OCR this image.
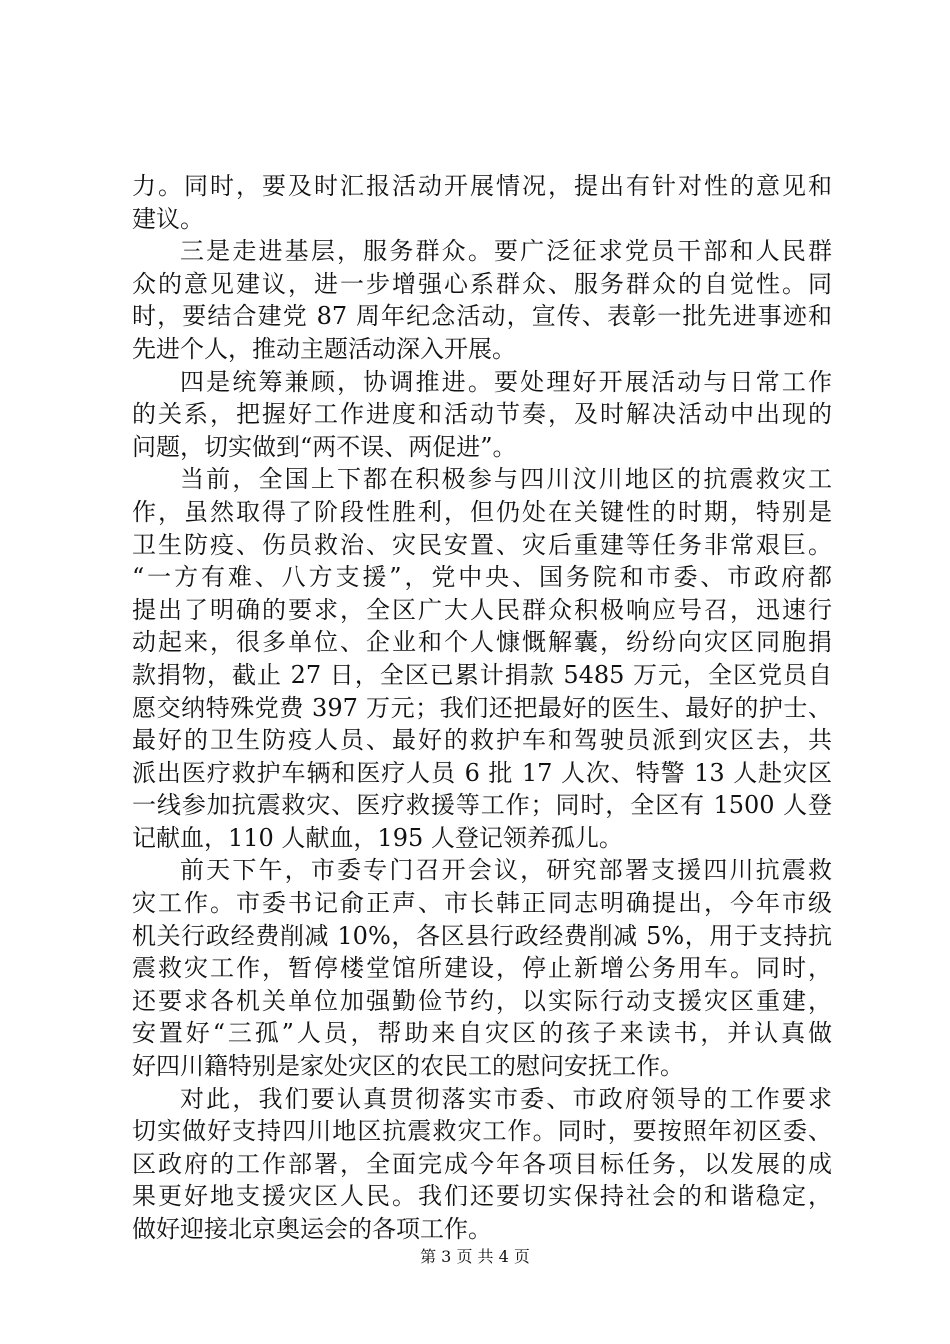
力。同时，要及时汇报活动开展情况，提出有针对性的意见和
建议。
三是走进基层，服务群众。要广泛征求党员干部和人民群
众的意见建议，进一步增强心系群众、服务群众的自觉性。同
时，要结合建党 87 周年纪念活动，宣传、表彰一批先进事迹和
先进个人，推动主题活动深入开展。
四是统筹兼顾，协调推进。要处理好开展活动与日常工作
的关系，把握好工作进度和活动节奏，及时解决活动中出现的
问题，切实做到“两不误、两促进”。
当前，全国上下都在积极参与四川汶川地区的抗震救灾工
作，虽然取得了阶段性胜利，但仍处在关键性的时期，特别是
卫生防疫、伤员救治、灾民安置、灾后重建等任务非常艰巨。
“一方有难、八方支援”，党中央、国务院和市委、市政府都
提出了明确的要求，全区广大人民群众积极响应号召，迅速行
动起来，很多单位、企业和个人慷慨解囊，纷纷向灾区同胞捐
款捐物，截止 27 日，全区已累计捐款 5485 万元，全区党员自
愿交纳特殊党费 397 万元；我们还把最好的医生、最好的护士、
最好的卫生防疫人员、最好的救护车和驾驶员派到灾区去，共
派出医疗救护车辆和医疗人员 6 批 17 人次、特警 13 人赴灾区
一线参加抗震救灾、医疗救援等工作；同时，全区有 1500 人登
记献血，110 人献血，195 人登记领养孤儿。
前天下午，市委专门召开会议，研究部署支援四川抗震救
灾工作。市委书记俞正声、市长韩正同志明确提出，今年市级
机关行政经费削减 10%，各区县行政经费削减 5%，用于支持抗
震救灾工作，暂停楼堂馆所建设，停止新增公务用车。同时，
还要求各机关单位加强勤俭节约，以实际行动支援灾区重建，
安置好“三孤”人员，帮助来自灾区的孩子来读书，并认真做
好四川籍特别是家处灾区的农民工的慰问安抚工作。
对此，我们要认真贯彻落实市委、市政府领导的工作要求
切实做好支持四川地区抗震救灾工作。同时，要按照年初区委、
区政府的工作部署，全面完成今年各项目标任务，以发展的成
果更好地支援灾区人民。我们还要切实保持社会的和谐稳定，
做好迎接北京奥运会的各项工作。
第 3 页 共 4 页
